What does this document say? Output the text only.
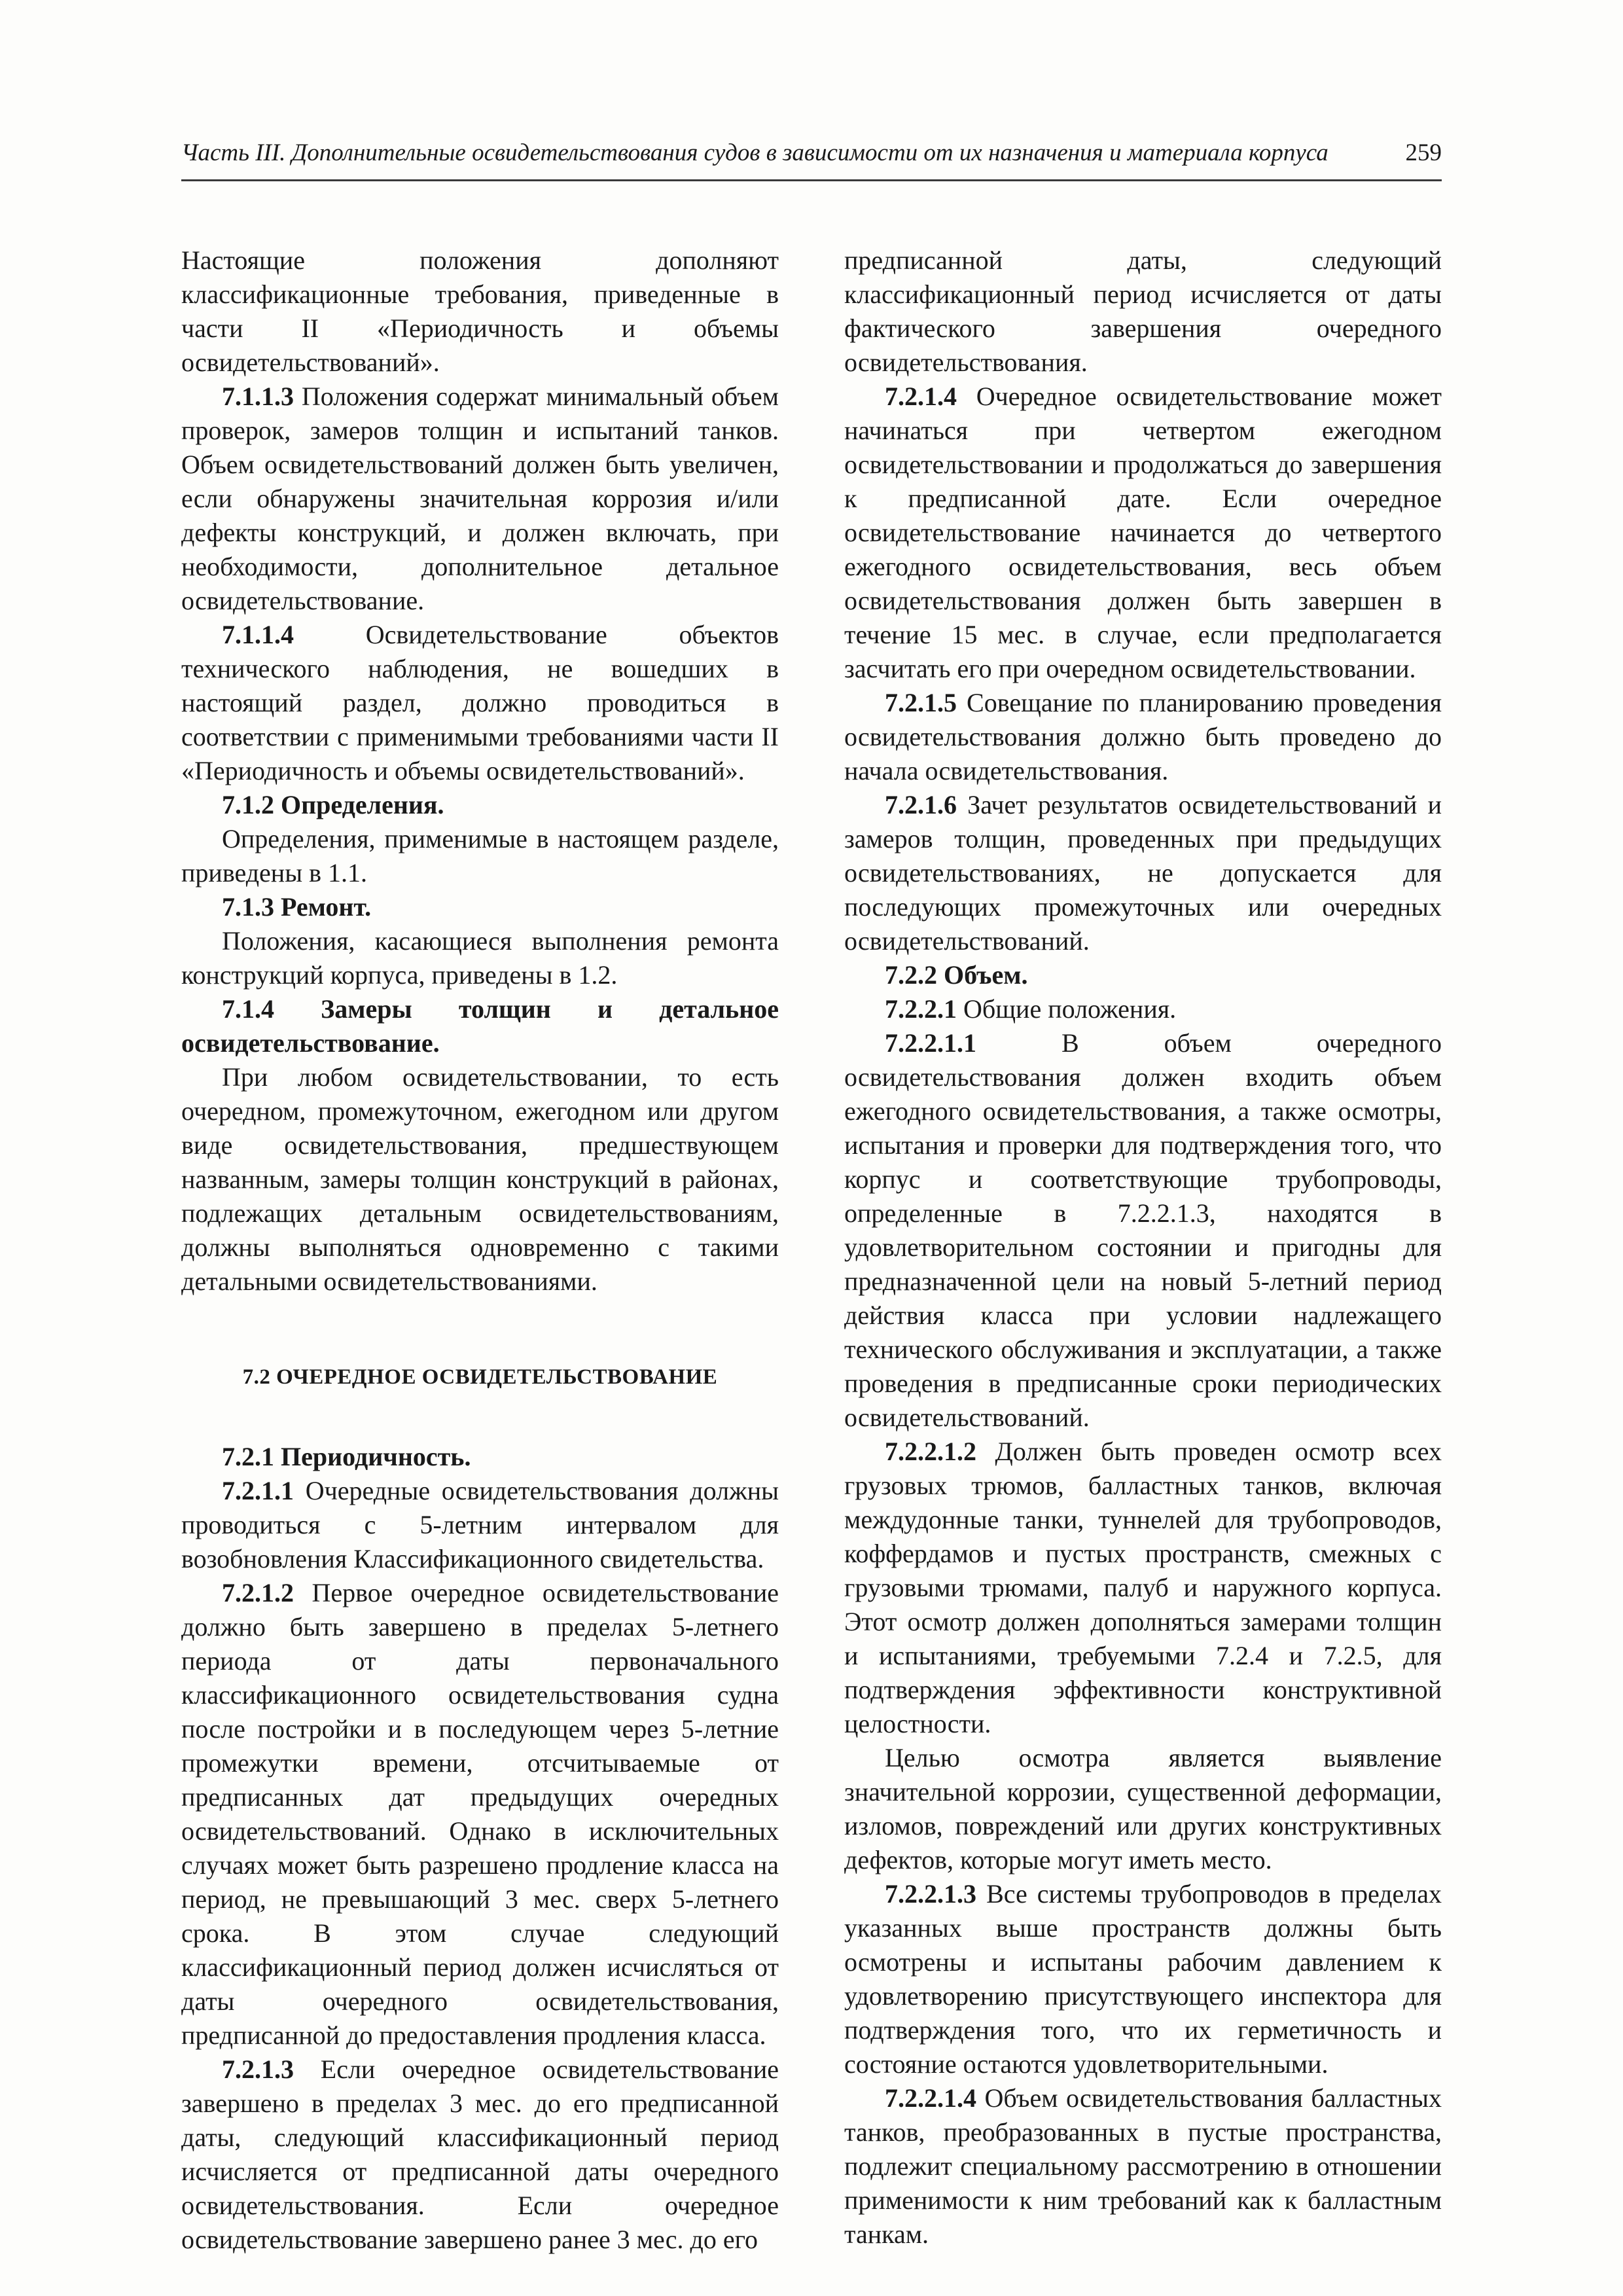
Часть III. Дополнительные освидетельствования судов в зависимости от их назначения и материала корпуса	259

Настоящие положения дополняют классификационные требования, приведенные в части II «Периодичность и объемы освидетельствований».

7.1.1.3 Положения содержат минимальный объем проверок, замеров толщин и испытаний танков. Объем освидетельствований должен быть увеличен, если обнаружены значительная коррозия и/или дефекты конструкций, и должен включать, при необходимости, дополнительное детальное освидетельствование.

7.1.1.4	Освидетельствование объектов технического наблюдения, не вошедших в настоящий раздел, должно проводиться в соответствии с применимыми требованиями части II «Периодичность и объемы освидетельствований».

7.1.2 Определения.

Определения, применимые в настоящем разделе, приведены в 1.1.

7.1.3 Ремонт.

Положения, касающиеся выполнения ремонта конструкций корпуса, приведены в 1.2.

7.1.4 Замеры толщин и детальное освидетельствование.

При любом освидетельствовании, то есть очередном, промежуточном, ежегодном или другом виде освидетельствования, предшествующем названным, замеры толщин конструкций в районах, подлежащих детальным освидетельствованиям, должны выполняться одновременно с такими детальными освидетельствованиями.

7.2 ОЧЕРЕДНОЕ ОСВИДЕТЕЛЬСТВОВАНИЕ

7.2.1 Периодичность.

7.2.1.1 Очередные освидетельствования должны проводиться с 5-летним интервалом для возобновления Классификационного свидетельства.

7.2.1.2 Первое очередное освидетельствование должно быть завершено в пределах 5-летнего периода от даты первоначального классификационного освидетельствования судна после постройки и в последующем через 5-летние промежутки времени, отсчитываемые от предписанных дат предыдущих очередных освидетельствований. Однако в исключительных случаях может быть разрешено продление класса на период, не превышающий 3 мес. сверх 5-летнего срока. В этом случае следующий классификационный период должен исчисляться от даты очередного освидетельствования, предписанной до предоставления продления класса.

7.2.1.3 Если очередное освидетельствование завершено в пределах 3 мес. до его предписанной даты, следующий классификационный период исчисляется от предписанной даты очередного освидетельствования. Если очередное освидетельствование завершено ранее 3 мес. до его

предписанной даты, следующий классификационный период исчисляется от даты фактического завершения очередного освидетельствования.

7.2.1.4 Очередное освидетельствование может начинаться при четвертом ежегодном освидетельствовании и продолжаться до завершения к предписанной дате. Если очередное освидетельствование начинается до четвертого ежегодного освидетельствования, весь объем освидетельствования должен быть завершен в течение 15 мес. в случае, если предполагается засчитать его при очередном освидетельствовании.

7.2.1.5 Совещание по планированию проведения освидетельствования должно быть проведено до начала освидетельствования.

7.2.1.6 Зачет результатов освидетельствований и замеров толщин, проведенных при предыдущих освидетельствованиях, не допускается для последующих промежуточных или очередных освидетельствований.

7.2.2 Объем.

7.2.2.1 Общие положения.

7.2.2.1.1	В объем очередного освидетельствования должен входить объем ежегодного освидетельствования, а также осмотры, испытания и проверки для подтверждения того, что корпус и соответствующие трубопроводы, определенные в 7.2.2.1.3, находятся в удовлетворительном состоянии и пригодны для предназначенной цели на новый 5-летний период действия класса при условии надлежащего технического обслуживания и эксплуатации, а также проведения в предписанные сроки периодических освидетельствований.

7.2.2.1.2 Должен быть проведен осмотр всех грузовых трюмов, балластных танков, включая междудонные танки, туннелей для трубопроводов, коффердамов и пустых пространств, смежных с грузовыми трюмами, палуб и наружного корпуса. Этот осмотр должен дополняться замерами толщин и испытаниями, требуемыми 7.2.4 и 7.2.5, для подтверждения эффективности конструктивной целостности.

Целью осмотра является выявление значительной коррозии, существенной деформации, изломов, повреждений или других конструктивных дефектов, которые могут иметь место.

7.2.2.1.3 Все системы трубопроводов в пределах указанных выше пространств должны быть осмотрены и испытаны рабочим давлением к удовлетворению присутствующего инспектора для подтверждения того, что их герметичность и состояние остаются удовлетворительными.

7.2.2.1.4 Объем освидетельствования балластных танков, преобразованных в пустые пространства, подлежит специальному рассмотрению в отношении применимости к ним требований как к балластным танкам.
